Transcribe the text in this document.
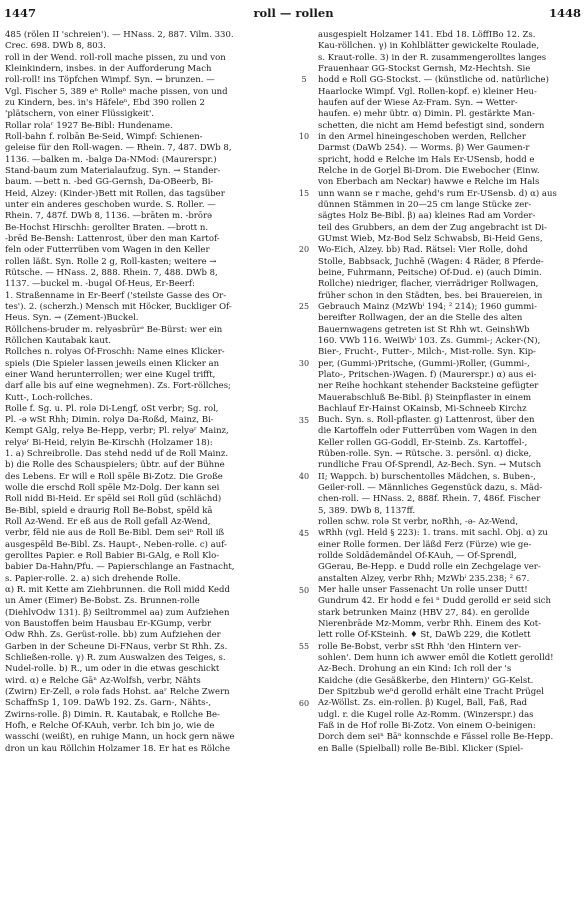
1447	roll — rollen	1448
485 (rölen II 'schreien'). — HNass. 2, 887. Vilm. 330.
Crec. 698. DWb 8, 803.
roll in der Wend. roll-roll mache pissen, zu und von
Kleinkindern, insbes. in der Aufforderung Mach
roll-roll! ins Töpfchen Wimpf. Syn. → brunzen. —
Vgl. Fischer 5, 389 eⁿ Rolleⁿ mache pissen, von und
zu Kindern, bes. in's Häfeleⁿ, Ebd 390 rollen 2
'plätschern, von einer Flüssigkeit'.
Rollar rolaʳ 1927 Be-Bibl: Hundename.
Roll-bahn f. rolbān Be-Seid, Wimpf: Schienen-
geleise für den Roll-wagen. — Rhein. 7, 487. DWb 8,
1136. —balken m. -balgə Da-NMod: (Maurerspr.)
Stand-baum zum Materialaufzug. Syn. → Stander-
baum. —bett n. -bed GG-Gernsh, Da-OBeerb, Bi-
Heid, Alzey: (Kinder-)Bett mit Rollen, das tagsüber
unter ein anderes geschoben wurde. S. Roller. —
Rhein. 7, 487f. DWb 8, 1136. —brāten m. -brōrə
Be-Hochst Hirschh: gerollter Braten. —brott n.
-brēd Be-Bensh: Lattenrost, über den man Kartof-
feln oder Futterrüben vom Wagen in den Keller
rollen läßt. Syn. Rolle 2 g, Roll-kasten; weitere →
Rütsche. — HNass. 2, 888. Rhein. 7, 488. DWb 8,
1137. —buckel m. -bugəl Of-Heus, Er-Beerf:
1. Straßenname in Er-Beerf ('steilste Gasse des Or-
tes'). 2. (scherzh.) Mensch mit Höcker, Buckliger Of-
Heus. Syn. → (Zement-)Buckel.
Röllchens-bruder m. relyəsbrūrᵊ Be-Bürst: wer ein
Röllchen Kautabak kaut.
Rollches n. rolyəs Of-Froschh: Name eines Klicker-
spiels (Die Spieler lassen jeweils einen Klicker an
einer Wand herunterrollen; wer eine Kugel trifft,
darf alle bis auf eine wegnehmen). Zs. Fort-röllches;
Kutt-, Loch-rollches.
Rolle f. Sg. u. Pl. rolə Di-Lengf, oSt verbr; Sg. rol,
Pl. -ə wSt Rhh; Dimin. rolyə Da-Roßd, Mainz, Bi-
Kempt GAlg, relyə Be-Hepp, verbr; Pl. relyəʳ Mainz,
relyəʳ Bi-Heid, relyin Be-Kirschh (Holzamer 18):
1. a) Schreibrolle. Das stehd nedd uf de Roll Mainz.
b) die Rolle des Schauspielers; übtr. auf der Bühne
des Lebens. Er will e Roll spēle Bi-Zotz. Die Große
wolle die erschd Roll spēle Mz-Dolg. Der kann sei
Roll nidd Bi-Heid. Er spēld sei Roll gūd (schlächd)
Be-Bibl, spield e draurig Roll Be-Bobst, spēld kā
Roll Az-Wend. Er eß aus de Roll gefall Az-Wend,
verbr, fēld nie aus de Roll Be-Bibl. Dem seiⁿ Roll iß
ausgespēld Be-Bibl. Zs. Haupt-, Neben-rolle. c) auf-
gerolltes Papier. e Roll Babier Bi-GAlg, e Roll Klo-
babier Da-Hahn/Pfu. — Papierschlange an Fastnacht,
s. Papier-rolle. 2. a) sich drehende Rolle.
α) R. mit Kette am Ziehbrunnen. die Roll midd Kedd
un Āmer (Eimer) Be-Bobst. Zs. Brunnen-rolle
(DiehlvOdw 131). β) Seiltrommel aa) zum Aufziehen
von Baustoffen beim Hausbau Er-KGump, verbr
Odw Rhh. Zs. Gerüst-rolle. bb) zum Aufziehen der
Garben in der Scheune Di-FNaus, verbr St Rhh. Zs.
Schließen-rolle. γ) R. zum Auswalzen des Teiges, s.
Nudel-rolle. b) R., um oder in die etwas geschickt
wird. α) e Relche Gāⁿ Az-Wolfsh, verbr, Nähts
(Zwirn) Er-Zell, ə rolə fads Hohst. aaʳ Relche Zwern
SchaffnSp 1, 109. DaWb 192. Zs. Garn-, Nähts-,
Zwirns-rolle. β) Dimin. R. Kautabak, e Rollche Be-
Hofh, e Relche Of-KAuh, verbr. Ich bin jo, wie de
wasschi (weißt), en ruhige Mann, un hock gern näwe
dron un kau Röllchin Holzamer 18. Er hat es Rölche
5
10
15
20
25
30
35
40
45
50
55
60
ausgespielt Holzamer 141. Ebd 18. LöffIBo 12. Zs.
Kau-röllchen. γ) in Kohlblätter gewickelte Roulade,
s. Kraut-rolle. 3) in der R. zusammengerolltes langes
Frauenhaar GG-Stockst Gernsh, Mz-Hechtsh. Sie
hodd e Roll GG-Stockst. — (künstliche od. natürliche)
Haarlocke Wimpf. Vgl. Rollen-kopf. e) kleiner Heu-
haufen auf der Wiese Az-Fram. Syn. → Wetter-
haufen. e) mehr übtr. α) Dimin. Pl. gestärkte Man-
schetten, die nicht am Hemd befestigt sind, sondern
in den Ärmel hineingeschoben werden, Rellcher
Darmst (DaWb 254). — Worms. β) Wer Gaumen-r
spricht, hodd e Relche im Hals Er-USensb, hodd e
Relche in de Gorjel Bi-Drom. Die Ewebocher (Einw.
von Eberbach am Neckar) hawwe e Relche im Hals
unn wann se r mache, gehd's rum Er-USensb. d) α) aus
dünnen Stämmen in 20—25 cm lange Stücke zer-
sägtes Holz Be-Bibl. β) aa) kleines Rad am Vorder-
teil des Grubbers, an dem der Zug angebracht ist Di-
GUmst Wieb, Mz-Bod Selz Schwabsb, Bi-Heid Gens,
Wo-Eich, Alzey. bb) Rad. Rätsel: Vier Rolle, dohd
Stolle, Babbsack, Juchhē (Wagen: 4 Räder, 8 Pferde-
beine, Fuhrmann, Peitsche) Of-Dud. e) (auch Dimin.
Rollche) niedriger, flacher, vierrädriger Rollwagen,
früher schon in den Städten, bes. bei Brauereien, in
Gebrauch Mainz (MzWbⁱ 194; ² 214); 1960 gummi-
bereifter Rollwagen, der an die Stelle des alten
Bauernwagens getreten ist St Rhh wt. GeinshWb
160. VWb 116. WeiWbⁱ 103. Zs. Gummi-; Acker-(N),
Bier-, Frucht-, Futter-, Milch-, Mist-rolle. Syn. Kip-
per, (Gummi-)Pritsche, (Gummi-)Roller, (Gummi-,
Plato-, Pritschen-)Wagen. f) (Maurerspr.) α) aus ei-
ner Reihe hochkant stehender Backsteine gefügter
Mauerabschluß Be-Bibl. β) Steinpflaster in einem
Bachlauf Er-Hainst OKainsb, Mi-Schneeb Kirchz
Buch. Syn. s. Roll-pflaster. g) Lattenrost, über den
die Kartoffeln oder Futterrüben vom Wagen in den
Keller rollen GG-Goddl, Er-Steinb. Zs. Kartoffel-,
Rüben-rolle. Syn. → Rütsche. 3. persönl. α) dicke,
rundliche Frau Of-Sprendl, Az-Bech. Syn. → Mutsch
II; Wappch. b) burschentolles Mädchen, s. Buben-,
Geiler-roll. — Männliches Gegenstück dazu, s. Mäd-
chen-roll. — HNass. 2, 888f. Rhein. 7, 486f. Fischer
5, 389. DWb 8, 1137ff.
rollen schw. rolə St verbr, noRhh, -ə- Az-Wend,
wRhh (vgl. Held § 223): 1. trans. mit sachl. Obj. α) zu
einer Rolle formen. Der läßd Ferz (Fürze) wie ge-
rollde Soldādemändel Of-KAuh, — Of-Sprendl,
GGerau, Be-Hepp. e Dudd rolle ein Zechgelage ver-
anstalten Alzey, verbr Rhh; MzWbⁱ 235.238; ² 67.
Mer halle unser Fassenacht Un rolle unser Dutt!
Gundrum 42. Er hodd e fei ⁿ Dudd gerolld er seid sich
stark betrunken Mainz (HBV 27, 84). en gerollde
Nierenbrāde Mz-Momm, verbr Rhh. Einem des Kot-
lett rolle Of-KSteinh. ♦ St, DaWb 229, die Kotlett
rolle Be-Bobst, verbr sSt Rhh 'den Hintern ver-
sohlen'. Dem hunn ich awwer emōl die Kotlett gerolld!
Az-Bech. Drohung an ein Kind: Ich roll der 's
Kaidche (die Gesäßkerbe, den Hintern)' GG-Kelst.
Der Spitzbub weⁿd gerolld erhält eine Tracht Prügel
Az-Wöllst. Zs. ein-rollen. β) Kugel, Ball, Faß, Rad
udgl. r. die Kugel rolle Az-Romm. (Winzerspr.) das
Faß in de Hof rolle Bi-Zotz. Von einem O-beinigen:
Dorch dem seiⁿ Bāⁿ konnschde e Fässel rolle Be-Hepp.
en Balle (Spielball) rolle Be-Bibl. Klicker (Spiel-
